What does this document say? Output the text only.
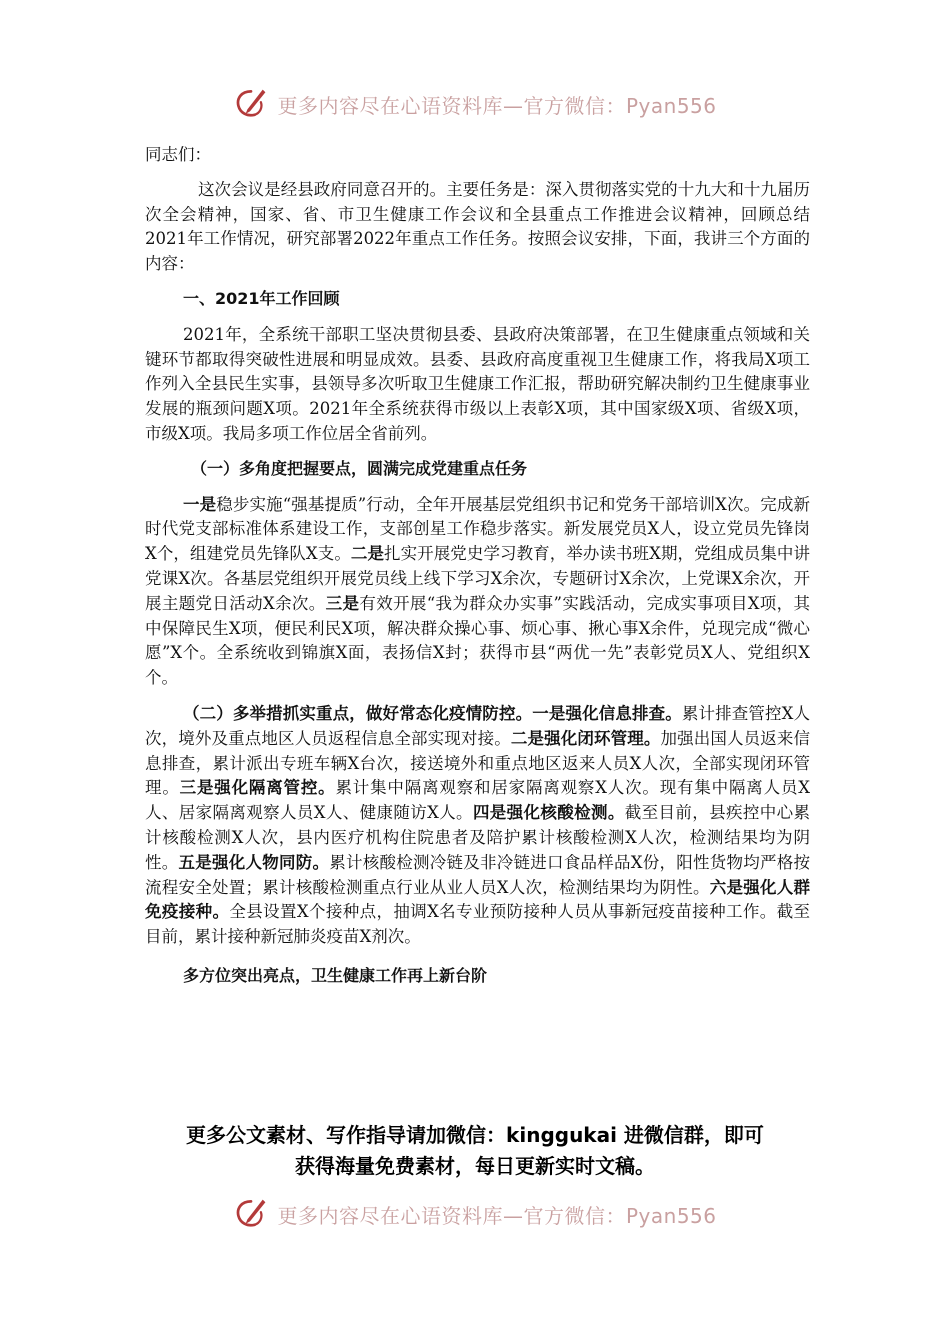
更多内容尽在心语资料库—官方微信：Pyan556

同志们：

这次会议是经县政府同意召开的。主要任务是：深入贯彻落实党的十九大和十九届历次全会精神，国家、省、市卫生健康工作会议和全县重点工作推进会议精神，回顾总结2021年工作情况，研究部署2022年重点工作任务。按照会议安排，下面，我讲三个方面的内容：

一、2021年工作回顾

2021年，全系统干部职工坚决贯彻县委、县政府决策部署，在卫生健康重点领域和关键环节都取得突破性进展和明显成效。县委、县政府高度重视卫生健康工作，将我局X项工作列入全县民生实事，县领导多次听取卫生健康工作汇报，帮助研究解决制约卫生健康事业发展的瓶颈问题X项。2021年全系统获得市级以上表彰X项，其中国家级X项、省级X项，市级X项。我局多项工作位居全省前列。

（一）多角度把握要点，圆满完成党建重点任务

一是稳步实施“强基提质”行动，全年开展基层党组织书记和党务干部培训X次。完成新时代党支部标准体系建设工作，支部创星工作稳步落实。新发展党员X人，设立党员先锋岗X个，组建党员先锋队X支。二是扎实开展党史学习教育，举办读书班X期，党组成员集中讲党课X次。各基层党组织开展党员线上线下学习X余次，专题研讨X余次，上党课X余次，开展主题党日活动X余次。三是有效开展“我为群众办实事”实践活动，完成实事项目X项，其中保障民生X项，便民利民X项，解决群众操心事、烦心事、揪心事X余件，兑现完成“微心愿”X个。全系统收到锦旗X面，表扬信X封；获得市县“两优一先”表彰党员X人、党组织X个。

（二）多举措抓实重点，做好常态化疫情防控。一是强化信息排查。累计排查管控X人次，境外及重点地区人员返程信息全部实现对接。二是强化闭环管理。加强出国人员返来信息排查，累计派出专班车辆X台次，接送境外和重点地区返来人员X人次，全部实现闭环管理。三是强化隔离管控。累计集中隔离观察和居家隔离观察X人次。现有集中隔离人员X人、居家隔离观察人员X人、健康随访X人。四是强化核酸检测。截至目前，县疾控中心累计核酸检测X人次，县内医疗机构住院患者及陪护累计核酸检测X人次，检测结果均为阴性。五是强化人物同防。累计核酸检测冷链及非冷链进口食品样品X份，阳性货物均严格按流程安全处置；累计核酸检测重点行业从业人员X人次，检测结果均为阴性。六是强化人群免疫接种。全县设置X个接种点，抽调X名专业预防接种人员从事新冠疫苗接种工作。截至目前，累计接种新冠肺炎疫苗X剂次。

多方位突出亮点，卫生健康工作再上新台阶

更多公文素材、写作指导请加微信：kinggukai 进微信群，即可
获得海量免费素材，每日更新实时文稿。
更多内容尽在心语资料库—官方微信：Pyan556
